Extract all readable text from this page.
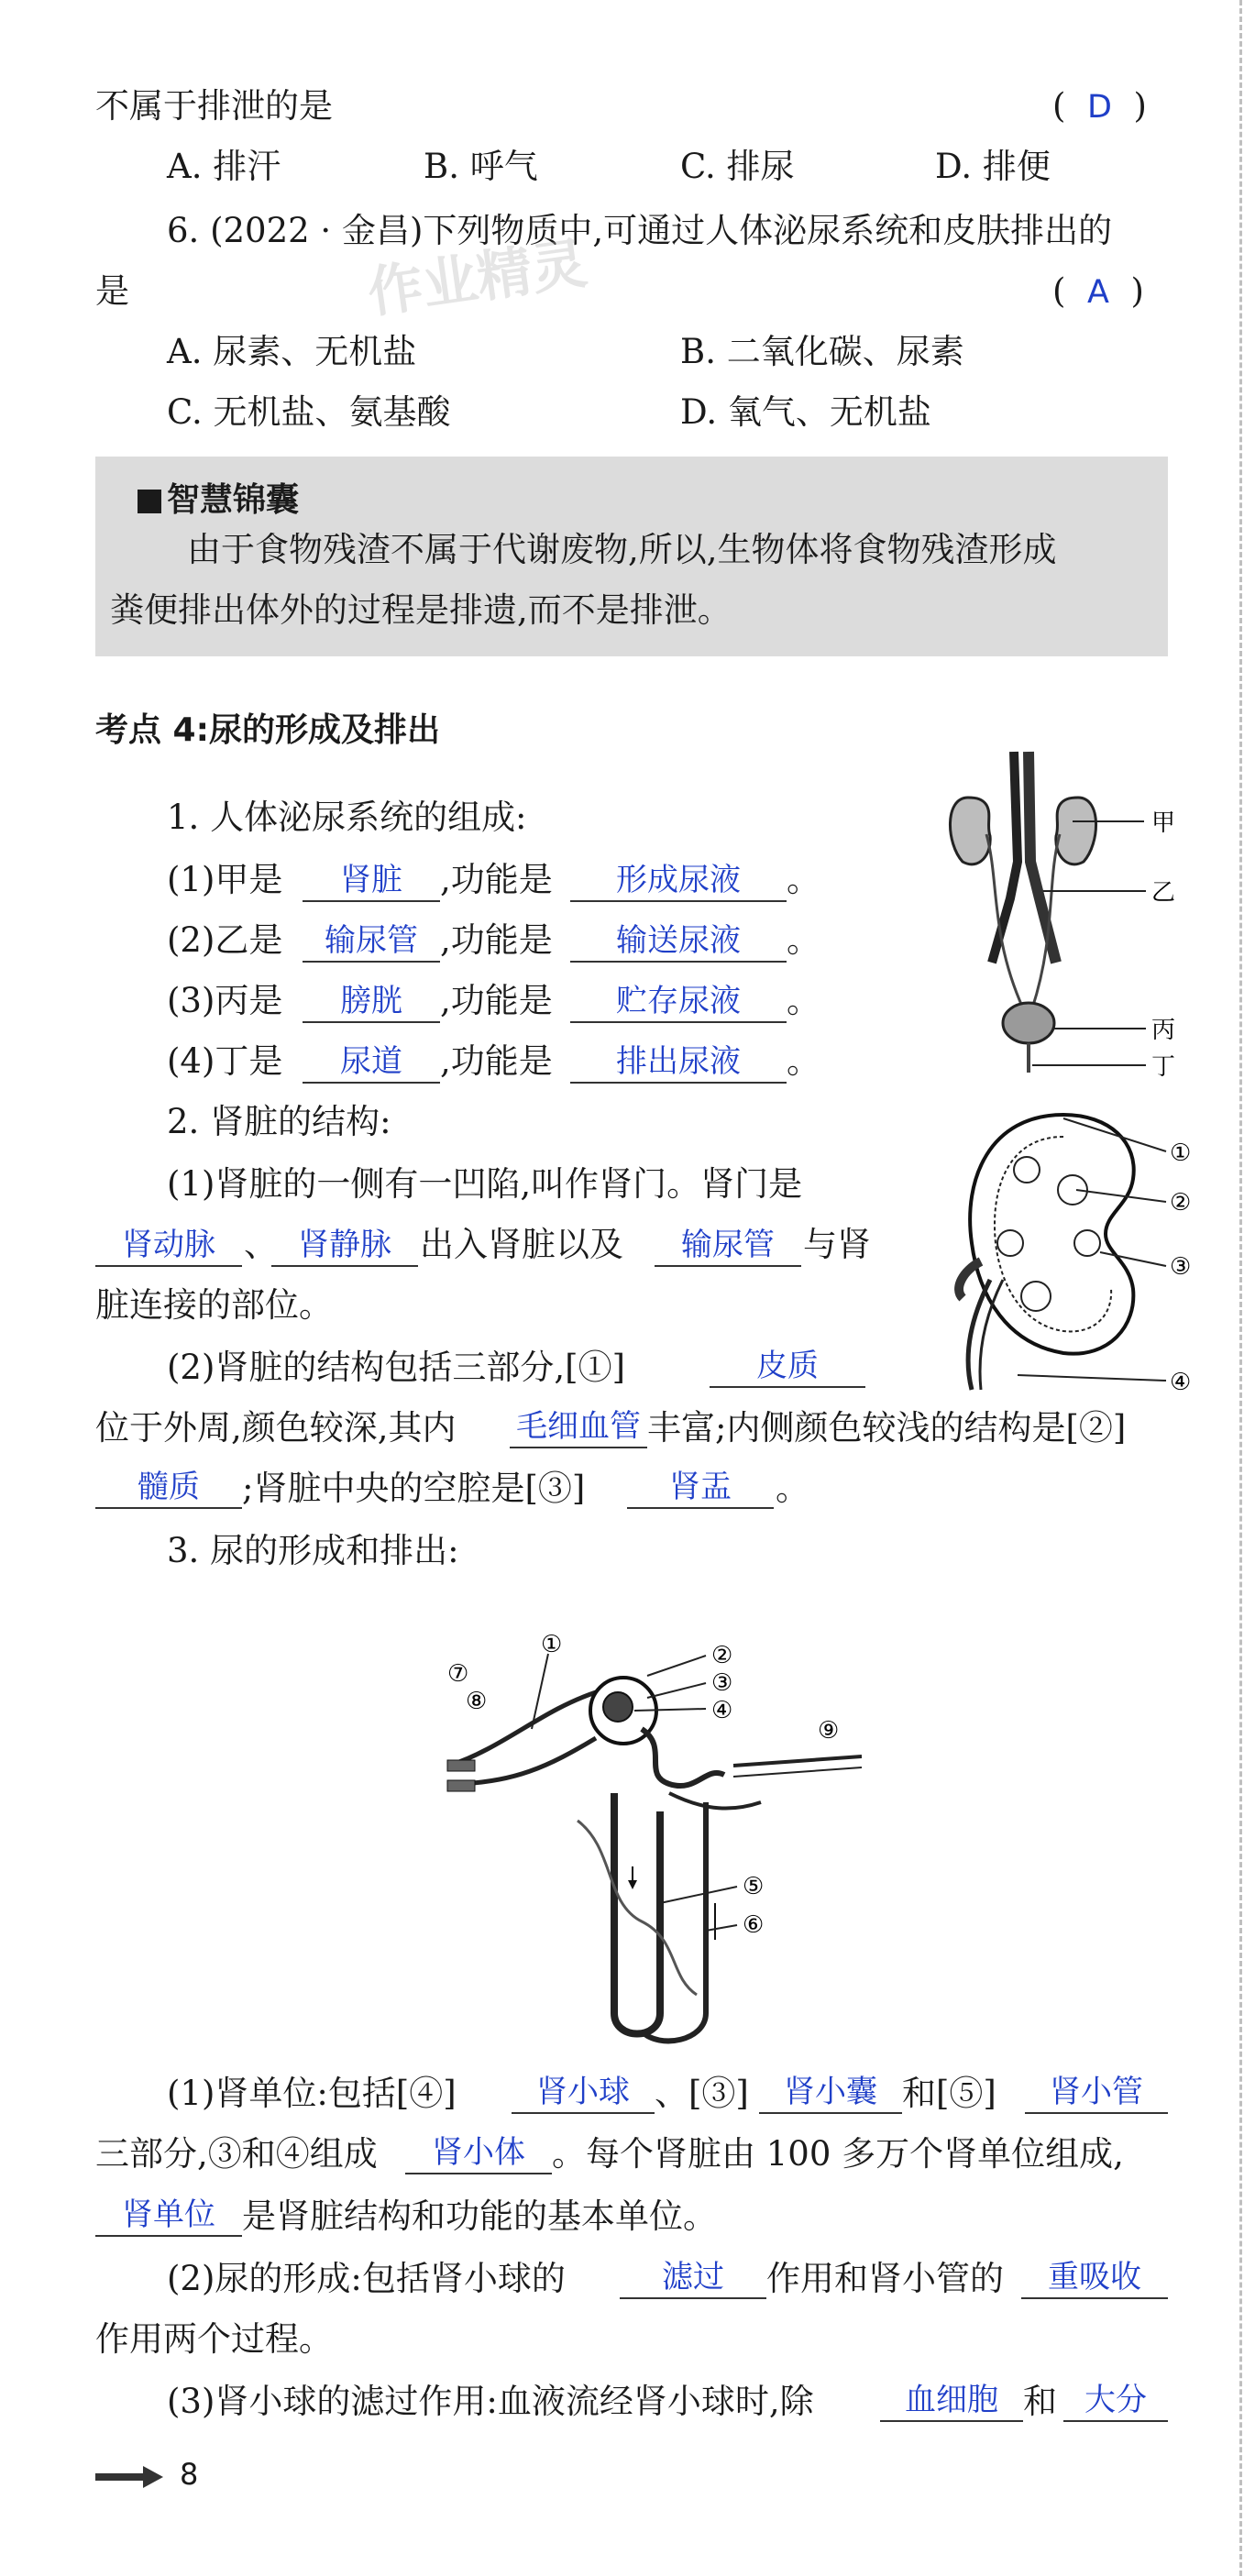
不属于排泄的是	(  D  )
A. 排汗	B. 呼气	C. 排尿	D. 排便
6. (2022 · 金昌)下列物质中,可通过人体泌尿系统和皮肤排出的
是	(  A  )
A. 尿素、无机盐	B. 二氧化碳、尿素
C. 无机盐、氨基酸	D. 氧气、无机盐
作业精灵
智慧锦囊
由于食物残渣不属于代谢废物,所以,生物体将食物残渣形成
粪便排出体外的过程是排遗,而不是排泄。
考点 4:尿的形成及排出
1. 人体泌尿系统的组成:
(1)甲是	肾脏	,功能是	形成尿液	。
(2)乙是	输尿管 ,功能是	输送尿液	。
(3)丙是	膀胱	,功能是	贮存尿液	。
(4)丁是	尿道	,功能是	排出尿液	。
甲
乙
丙
丁
2. 肾脏的结构:
(1)肾脏的一侧有一凹陷,叫作肾门。肾门是
肾动脉 、 肾静脉 出入肾脏以及	输尿管 与肾
脏连接的部位。
(2)肾脏的结构包括三部分,[①]	皮质
位于外周,颜色较深,其内 毛细血管 丰富;内侧颜色较浅的结构是[②]
髓质	;肾脏中央的空腔是[③]	肾盂	。
①
②
③
④
3. 尿的形成和排出:
①	②
③
④
⑤
⑥
⑦
⑧
⑨
(1)肾单位:包括[④]	肾小球 、[③]	肾小囊 和[⑤]	肾小管
三部分,③和④组成	肾小体 。每个肾脏由 100 多万个肾单位组成,
肾单位 是肾脏结构和功能的基本单位。
(2)尿的形成:包括肾小球的	滤过	作用和肾小管的	重吸收
作用两个过程。
(3)肾小球的滤过作用:血液流经肾小球时,除	血细胞 和 大分
8
